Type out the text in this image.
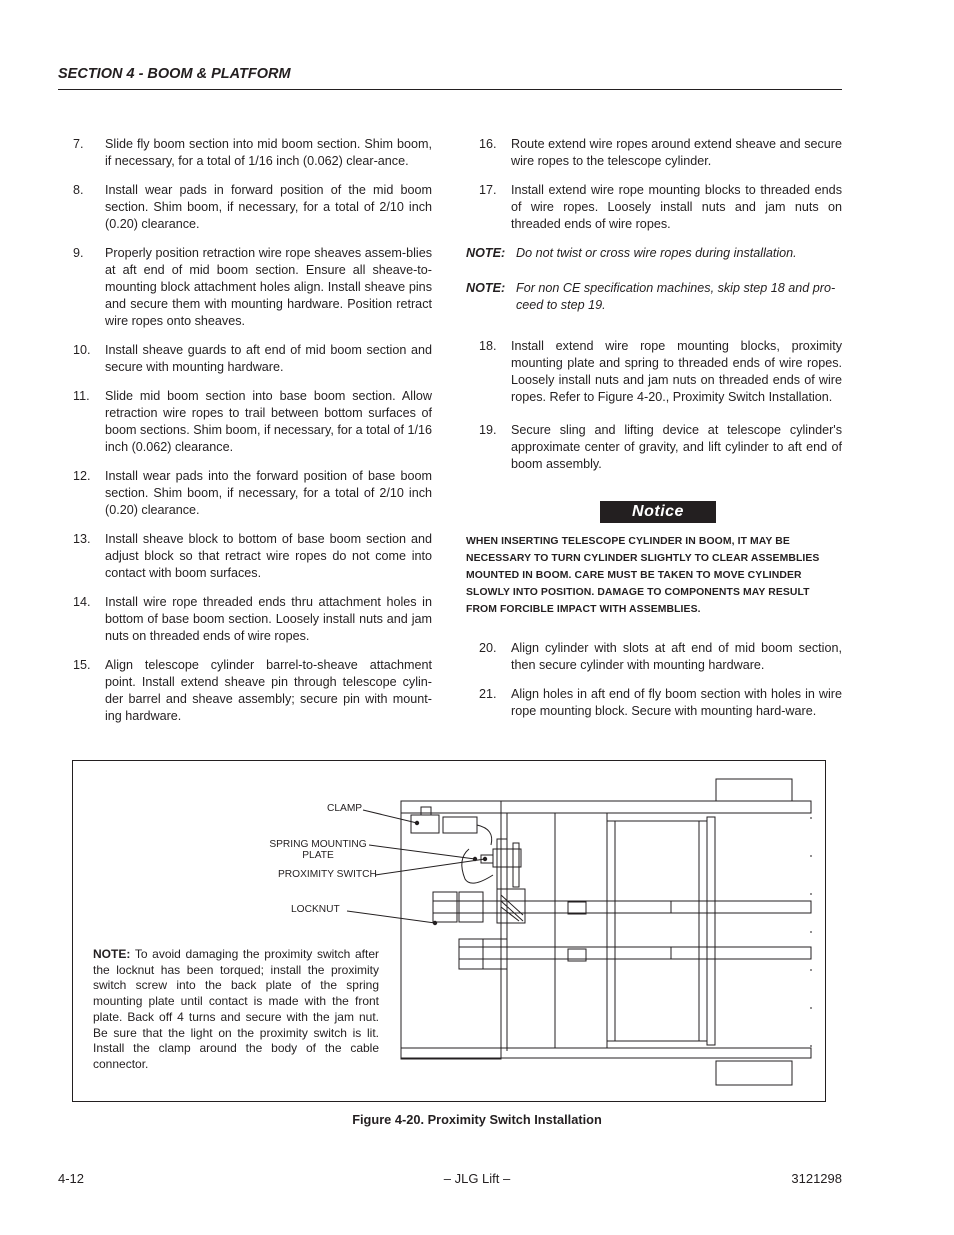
SECTION 4 - BOOM & PLATFORM
7.	Slide fly boom section into mid boom section. Shim boom, if necessary, for a total of 1/16 inch (0.062) clear-ance.
8.	Install wear pads in forward position of the mid boom section. Shim boom, if necessary, for a total of 2/10 inch (0.20) clearance.
9.	Properly position retraction wire rope sheaves assem-blies at aft end of mid boom section. Ensure all sheave-to-mounting block attachment holes align. Install sheave pins and secure them with mounting hardware. Position retract wire ropes onto sheaves.
10.	Install sheave guards to aft end of mid boom section and secure with mounting hardware.
11.	Slide mid boom section into base boom section. Allow retraction wire ropes to trail between bottom surfaces of boom sections. Shim boom, if necessary, for a total of 1/16 inch (0.062) clearance.
12.	Install wear pads into the forward position of base boom section. Shim boom, if necessary, for a total of 2/10 inch (0.20) clearance.
13.	Install sheave block to bottom of base boom section and adjust block so that retract wire ropes do not come into contact with boom surfaces.
14.	Install wire rope threaded ends thru attachment holes in bottom of base boom section. Loosely install nuts and jam nuts on threaded ends of wire ropes.
15.	Align telescope cylinder barrel-to-sheave attachment point. Install extend sheave pin through telescope cylin-der barrel and sheave assembly; secure pin with mount-ing hardware.
16.	Route extend wire ropes around extend sheave and secure wire ropes to the telescope cylinder.
17.	Install extend wire rope mounting blocks to threaded ends of wire ropes. Loosely install nuts and jam nuts on threaded ends of wire ropes.
NOTE: Do not twist or cross wire ropes during installation.
NOTE: For non CE specification machines, skip step 18 and pro-ceed to step 19.
18.	Install extend wire rope mounting blocks, proximity mounting plate and spring to threaded ends of wire ropes. Loosely install nuts and jam nuts on threaded ends of wire ropes. Refer to Figure 4-20., Proximity Switch Installation.
19.	Secure sling and lifting device at telescope cylinder's approximate center of gravity, and lift cylinder to aft end of boom assembly.
Notice
WHEN INSERTING TELESCOPE CYLINDER IN BOOM, IT MAY BE NECESSARY TO TURN CYLINDER SLIGHTLY TO CLEAR ASSEMBLIES MOUNTED IN BOOM. CARE MUST BE TAKEN TO MOVE CYLINDER SLOWLY INTO POSITION. DAMAGE TO COMPONENTS MAY RESULT FROM FORCIBLE IMPACT WITH ASSEMBLIES.
20.	Align cylinder with slots at aft end of mid boom section, then secure cylinder with mounting hardware.
21.	Align holes in aft end of fly boom section with holes in wire rope mounting block. Secure with mounting hard-ware.
CLAMP
SPRING MOUNTING
PLATE
PROXIMITY SWITCH
LOCKNUT
NOTE: To avoid damaging the proximity switch after the locknut has been torqued; install the proximity switch screw into the back plate of the spring mounting plate until contact is made with the front plate. Back off 4 turns and secure with the jam nut. Be sure that the light on the proximity switch is lit. Install the clamp around the body of the cable connector.
Figure 4-20. Proximity Switch Installation
4-12	– JLG Lift –	3121298
